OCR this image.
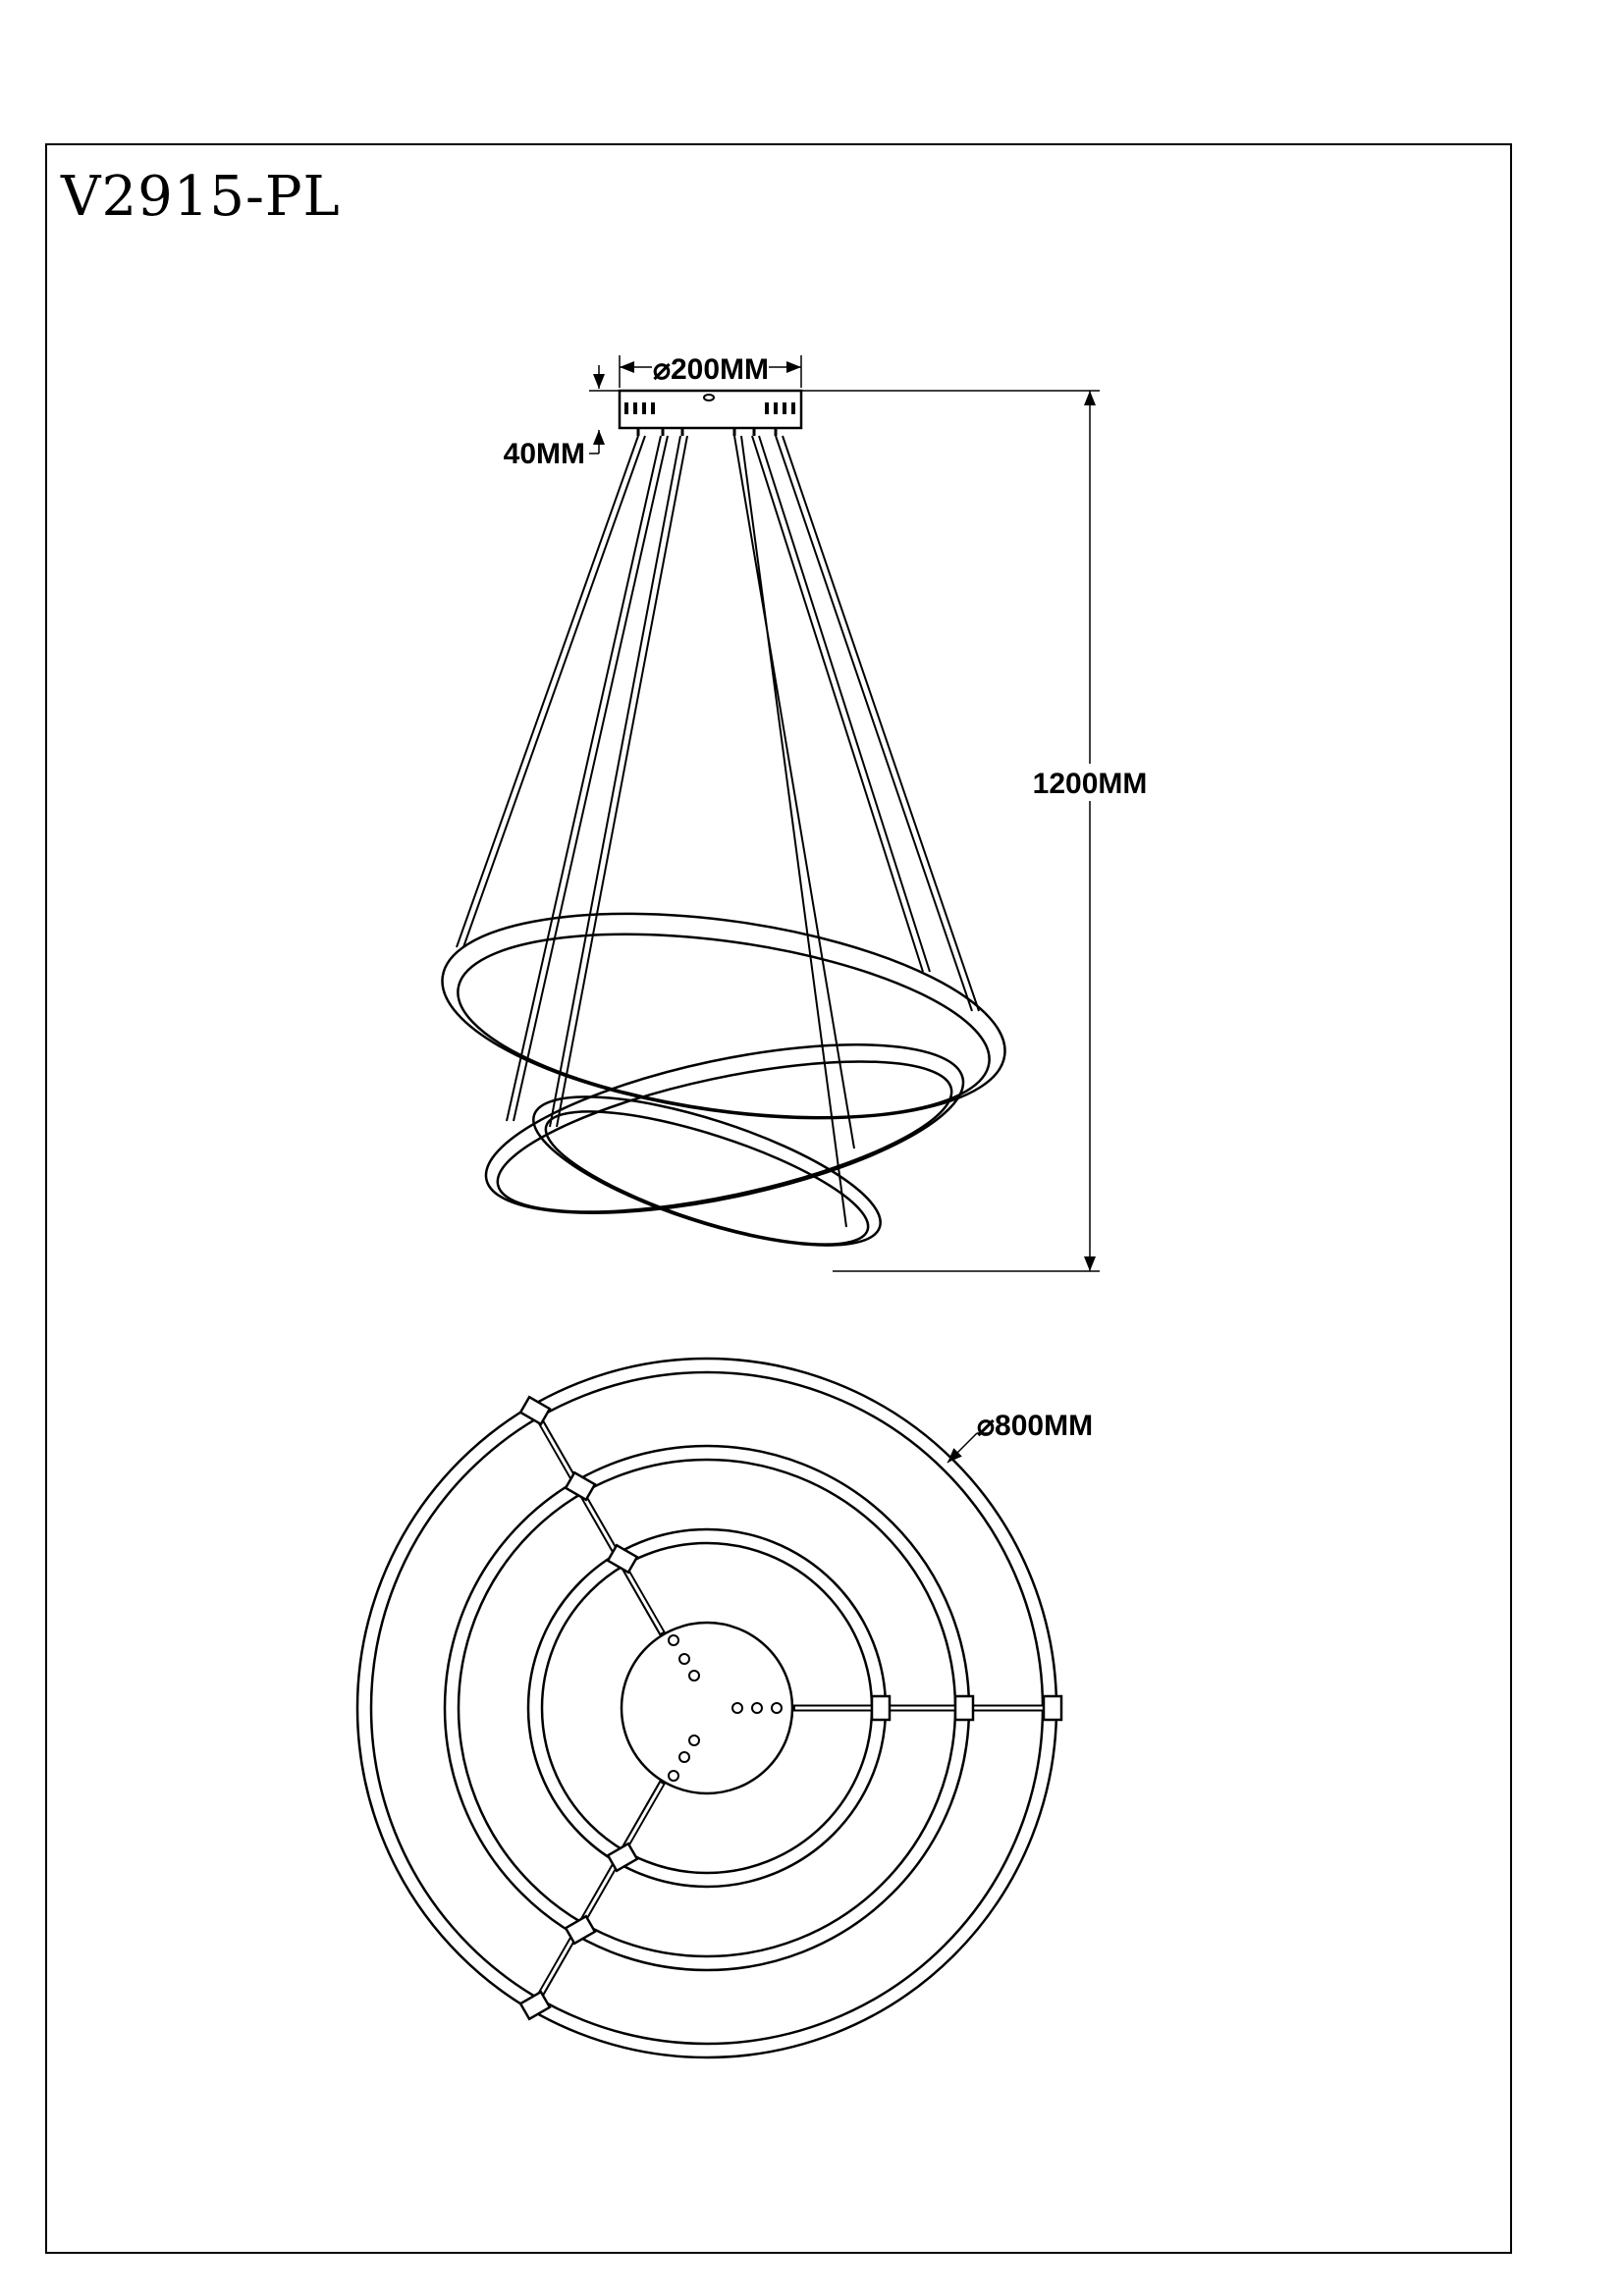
V2915-PL
⌀200MM
40MM
1200MM
⌀800MM
